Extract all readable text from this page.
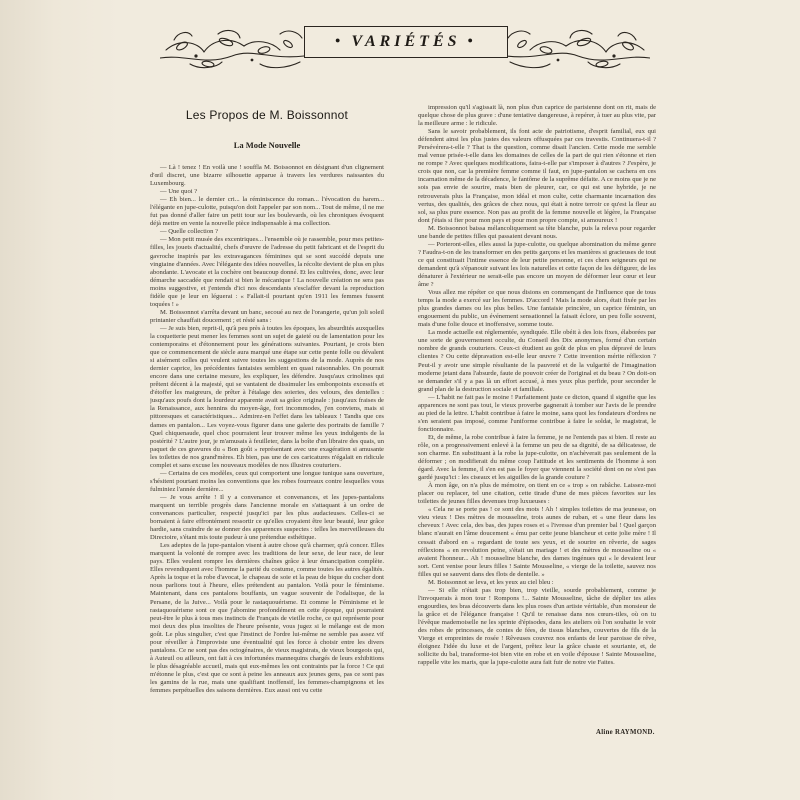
● VARIÉTÉS ●
Les Propos de M. Boissonnot
La Mode Nouvelle

— Là ! tenez ! En voilà une ! souffla M. Boissonnot en désignant d'un clignement d'œil discret, une bizarre silhouette apparue à travers les verdures naissantes du Luxembourg.

— Une quoi ?

— Eh bien... le dernier cri... la réminiscence du roman... l'évocation du harem... l'élégante en jupe-culotte, puisqu'on doit l'appeler par son nom... Tout de même, il ne me fut pas donné d'aller faire un petit tour sur les boulevards, où les chroniques évoquent déjà mettre en vente la nouvelle pièce indispensable à ma collection.

— Quelle collection ?

— Mon petit musée des excentriques... l'ensemble où je rassemble, pour mes petites-filles, les jouets d'actualité, chefs d'œuvre de l'adresse du petit fabricant et de l'esprit du gavroche inspirés par les extravagances féminines qui se sont succédé depuis une vingtaine d'années. Avec l'élégante des idées nouvelles, la récolte devient de plus en plus abondante. L'avocate et la cochère ont beaucoup donné. Et les cultivées, donc, avec leur démarche saccadée que rendait si bien le mécanique ! La nouvelle création ne sera pas moins suggestive, et j'entends d'ici nos descendants s'esclaffer devant la reproduction fidèle que je leur en léguerai : « Fallait-il pourtant qu'en 1911 les femmes fussent toquées ! »

M. Boissonnot s'arrêta devant un banc, secoué au nez de l'orangerie, qu'un joli soleil printanier chauffait doucement ; et résté sans :

— Je suis bien, reprit-il, qu'à peu près à toutes les époques, les absurdités auxquelles la coquetterie peut mener les femmes sont un sujet de gaieté ou de lamentation pour les contemporains et d'étonnement pour les générations suivantes. Pourtant, je crois bien que ce commencement de siècle aura marqué une étape sur cette pente folle ou dévalent si aisément celles qui veulent suivre toutes les suggestions de la mode. Auprès de nos dernier caprice, les précédentes fantaisies semblent en quasi raisonnables. On pourrait encore dans une certaine mesure, les expliquer, les défendre. Jusqu'aux crinolines qui prêtent décent à la majesté, qui se vantaient de dissimuler les embonpoints excessifs et d'étoffer les maigreurs, de prêter à l'étalage des soieries, des velours, des dentelles : jusqu'aux poufs dont la lourdeur apparente avait sa grâce originale : jusqu'aux fraises de la Renaissance, aux hennins du moyen-âge, fort incommodes, j'en conviens, mais si pittoresques et caractéristiques... Admirez-en l'effet dans les tableaux ! Tandis que ces dames en pantalon... Les voyez-vous figurer dans une galerie des portraits de famille ? Quel chiquenaude, quel choc pourraient leur trouver même les yeux indulgents de la postérité ? L'autre jour, je m'amusais à feuilleter, dans la boîte d'un libraire des quais, un paquet de ces gravures du « Bon goût » représentant avec une exagération si amusante les toilettes de nos grand'mères. Eh bien, pas une de ces caricatures n'égalait en ridicule complet et sans excuse les nouveaux modèles de nos illustres couturiers.

— Certains de ces modèles, ceux qui comportent une longue tunique sans ouverture, s'hésitent pourtant moins les conventions que les robes fourreaux contre lesquelles vous fulminiez l'année dernière...

— Je vous arrête ! Il y a convenance et convenances, et les jupes-pantalons marquent un terrible progrès dans l'ancienne morale en s'attaquant à un ordre de convenances particulier, respecté jusqu'ici par les plus audacieuses. Celles-ci se bornaient à faire effrontément ressortir ce qu'elles croyaient être leur beauté, leur grâce hardie, sans craindre de se donner des apparences suspectes : telles les merveilleuses du Directoire, s'étant mis toute pudeur à une prétendue esthétique.

Les adeptes de la jupe-pantalon visent à autre chose qu'à charmer, qu'à concer. Elles marquent la volonté de rompre avec les traditions de leur sexe, de leur race, de leur pays. Elles veulent rompre les dernières chaînes grâce à leur émancipation complète. Elles revendiquent avec l'homme la parité du costume, comme toutes les autres égalités. Après la toque et la robe d'avocat, le chapeau de soie et la peau de bique du cocher dont nous parlions tout à l'heure, elles prétendent au pantalon. Voilà pour le féminisme. Maintenant, dans ces pantalons bouffants, un vague souvenir de l'odalisque, de la Persane, de la Juive... Voilà pour le rastaquouérisme. Et comme le Féminisme et le rastaquouérisme sont ce que j'abomine profondément en cette époque, qui pourraient peut-être le plus à tous mes instincts de Français de vieille roche, ce qui représente pour moi deux des plus insolites de l'heure présente, vous jugez si le mélange est de mon goût. Le plus singulier, c'est que l'instinct de l'ordre lui-même ne semble pas assez vif pour réveiller à l'improviste une éventualité qui les force à choisir entre les divers pantalons. Ce ne sont pas des octogénaires, de vieux magistrats, de vieux bourgeois qui, à Auteuil ou ailleurs, ont fait à ces infortunées mannequins chargés de leurs exhibitions le plus désagréable accueil, mais qui eux-mêmes les ont contraints par la force ! Ce qui m'étonne le plus, c'est que ce sont à peine les anneaux aux jeunes gens, pas ce sont pas les gamins de la rue, mais une qualifiant inoffensif, les femmes-champignons et les femmes perpétuelles des saisons dernières. Eux aussi ont vu cette

impression qu'il s'agissait là, non plus d'un caprice de parisienne dont on rit, mais de quelque chose de plus grave : d'une tentative dangereuse, à repérer, à tuer au plus vite, par la meilleure arme : le ridicule.

Sans le savoir probablement, ils font acte de patriotisme, d'esprit familial, eux qui défendent ainsi les plus justes des valeurs offusquées par ces travestis. Continuera-t-il ? Persévérera-t-elle ? That is the question, comme disait l'ancien. Cette mode me semble mal venue prisée-t-elle dans les domaines de celles de la part de qui rien s'étonne et rien ne rompe ? Avec quelques modifications, faira-t-elle par s'imposer à d'autres ? J'espère, je crois que non, car la première femme comme il faut, en jupe-pantalon se cachera en ces incarnation même de la décadence, le fantôme de la suprême défaite. A ce moins que je ne sois pas envie de sourire, mais bien de pleurer, car, ce qui est une hybride, je ne retrouverais plus la Française, mon idéal et mon culte, cette charmante incarnation des vertus, des qualités, des grâces de chez nous, qui était à notre terroir ce qu'est la fleur au sol, sa plus pure essence. Non pas au profit de la femme nouvelle et légère, la Française dont j'étais si fier pour mon pays et pour mon propre compte, si amoureux !

M. Boissonnot baissa mélancoliquement sa tête blanche, puis la releva pour regarder une bande de petites filles qui passaient devant nous.

— Porteront-elles, elles aussi la jupe-culotte, ou quelque abomination du même genre ? Faudra-t-on de les transformer en des petits garçons et les manières si gracieuses de tout ce qui constituait l'intime essence de leur petite personne, et ces chers seigneurs qui ne demandent qu'à s'épanouir suivant les lois naturelles et cette façon de les défigurer, de les dénaturer à l'extérieur ne serait-elle pas encore un moyen de déformer leur cœur et leur âme ?

Vous allez me répéter ce que nous disions en commençant de l'influence que de tous temps la mode a exercé sur les femmes. D'accord ! Mais la mode alors, était fixée par les plus grandes dames ou les plus belles. Une fantaisie princière, un caprice féminin, un engouement du public, un événement sensationnel la faisait éclore, un peu folle souvent, mais d'une folie douce et inoffensive, somme toute.

La mode actuelle est réglementée, syndiquée. Elle obéit à des lois fixes, élaborées par une sorte de gouvernement occulte, du Conseil des Dix anonymes, formé d'un certain nombre de grands couturiers. Ceux-ci étudient au goût de plus en plus dépravé de leurs clientes ? Ou cette dépravation est-elle leur œuvre ? Cette invention mérite réflexion ? Peut-il y avoir une simple résultante de la pauvreté et de la vulgarité de l'imagination moderne jetant dans l'absurde, faute de pouvoir créer de l'original et du beau ? On doit-on se demander s'il y a pas là un effort accusé, à mes yeux plus perfide, pour seconder le grand plan de la destruction sociale et familiale.

— L'habit ne fait pas le moine ! Parfaitement juste ce dicton, quand il signifie que les apparences ne sont pas tout, le vieux proverbe gagnerait à tomber sur l'avis de le prendre au pied de la lettre. L'habit contribue à faire le moine, sans quoi les fondateurs d'ordres ne s'en seraient pas imposé, comme l'uniforme contribue à faire le soldat, le magistrat, le fonctionnaire.

Et, de même, la robe contribue à faire la femme, je ne l'entends pas si bien. Il reste au rôle, on a progressivement enlevé à la femme un peu de sa dignité, de sa délicatesse, de son charme. En substituant à la robe la jupe-culotte, on n'achèverait pas seulement de la déformer ; on modifierait du même coup l'attitude et les sentiments de l'homme à son égard. Avec la femme, il s'en est pas le foyer que viennent la société dont on ne s'est pas gardé jusqu'ici : les ciseaux et les aiguilles de la grande couture ?

À mon âge, on n'a plus de mémoire, on tient en ce « trop » on rabâche. Laissez-moi placer ou replacer, tel une citation, cette tirade d'une de mes pièces favorites sur les toilettes de jeunes filles devenues trop luxueuses :

« Cela ne se porte pas ! ce sont des mots ! Ah ! simples toilettes de ma jeunesse, on vieu vieux ! Des mètres de mousseline, trois aunes de ruban, et « une fleur dans les cheveux ! Avec cela, des bas, des jupes roses et « l'ivresse d'un premier bal ! Quel garçon blanc n'aurait en l'âme doucement « ému par cette jeune blancheur et cette jolie mère ! Il cessait d'abord en « regardant de toute ses yeux, et de sourire en rêverie, de sages réflexions « en revolution peine, s'était un mariage ! et des mètres de mousseline ou « avaient l'honneur... Ah ! mousseline blanche, des dames ingénues qui « le devaient leur sort. Cent venise pour leurs filles ! Sainte Mousseline, « vierge de la toilette, sauvez nos filles qui se sauvent dans des flots de dentelle. »

M. Boissonnot se leva, et les yeux au ciel bleu :

— Si elle n'était pas trop bien, trop vieille, sourde probablement, comme je l'invoquerais à mon tour ! Rompons !... Sainte Mousseline, tâche de déplier tes ailes engourdies, tes bras découverts dans les plus roses d'un artiste véritable, d'un monsieur de la grâce et de l'élégance française ! Qu'il te renaisse dans nos cœurs-tiles, où on tu l'évêque mademoiselle ne les sprinte d'épisodes, dans les ateliers où l'on souhaite le voir des robes de princesses, de contes de fées, de tissus blanches, couvertes de fils de la Vierge et empreintes de rosée ! Rêveuses couvrez nos enfants de leur paroisse de rêve, éloignez l'idée du luxe et de l'argent, prêtez leur la grâce chaste et souriante, et, de sollicite du bal, transforme-toi bien vite en robe et en voile d'épouse ! Sainte Mousseline, rappelle vite les maris, que la jupe-culotte aura fait fuir de notre vie Faites.

Aline RAYMOND.
